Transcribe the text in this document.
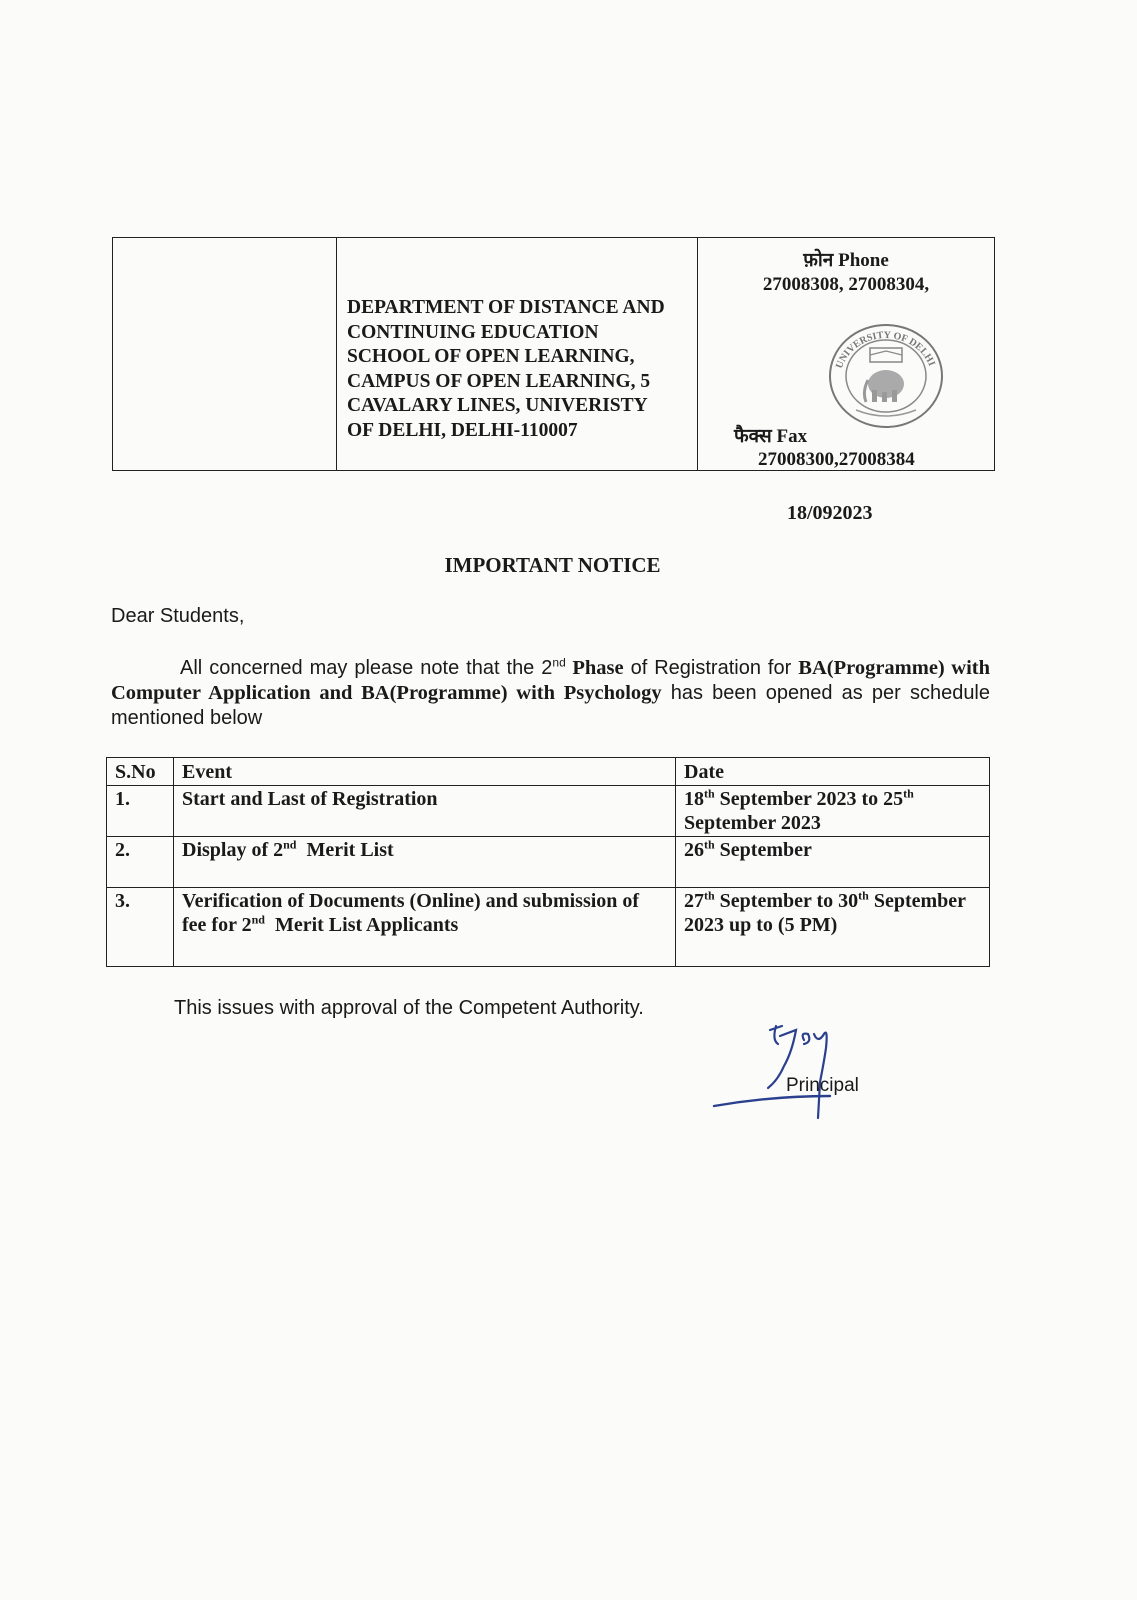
DEPARTMENT OF DISTANCE AND
CONTINUING EDUCATION
SCHOOL OF OPEN LEARNING,
CAMPUS OF OPEN LEARNING, 5
CAVALARY LINES, UNIVERISTY
OF DELHI, DELHI-110007
फ़ोन Phone
27008308, 27008304,
UNIVERSITY OF DELHI
फैक्स Fax
27008300,27008384
18/092023
IMPORTANT NOTICE
Dear Students,
All concerned may please note that the 2nd Phase of Registration for BA(Programme) with Computer Application and BA(Programme) with Psychology has been opened as per schedule mentioned below
S.No	Event	Date
1.	Start and Last of Registration	18th September 2023 to 25th September 2023
2.	Display of 2nd  Merit List	26th September
3.	Verification of Documents (Online) and submission of fee for 2nd  Merit List Applicants	27th September to 30th September 2023 up to (5 PM)
This issues with approval of the Competent Authority.
Principal
